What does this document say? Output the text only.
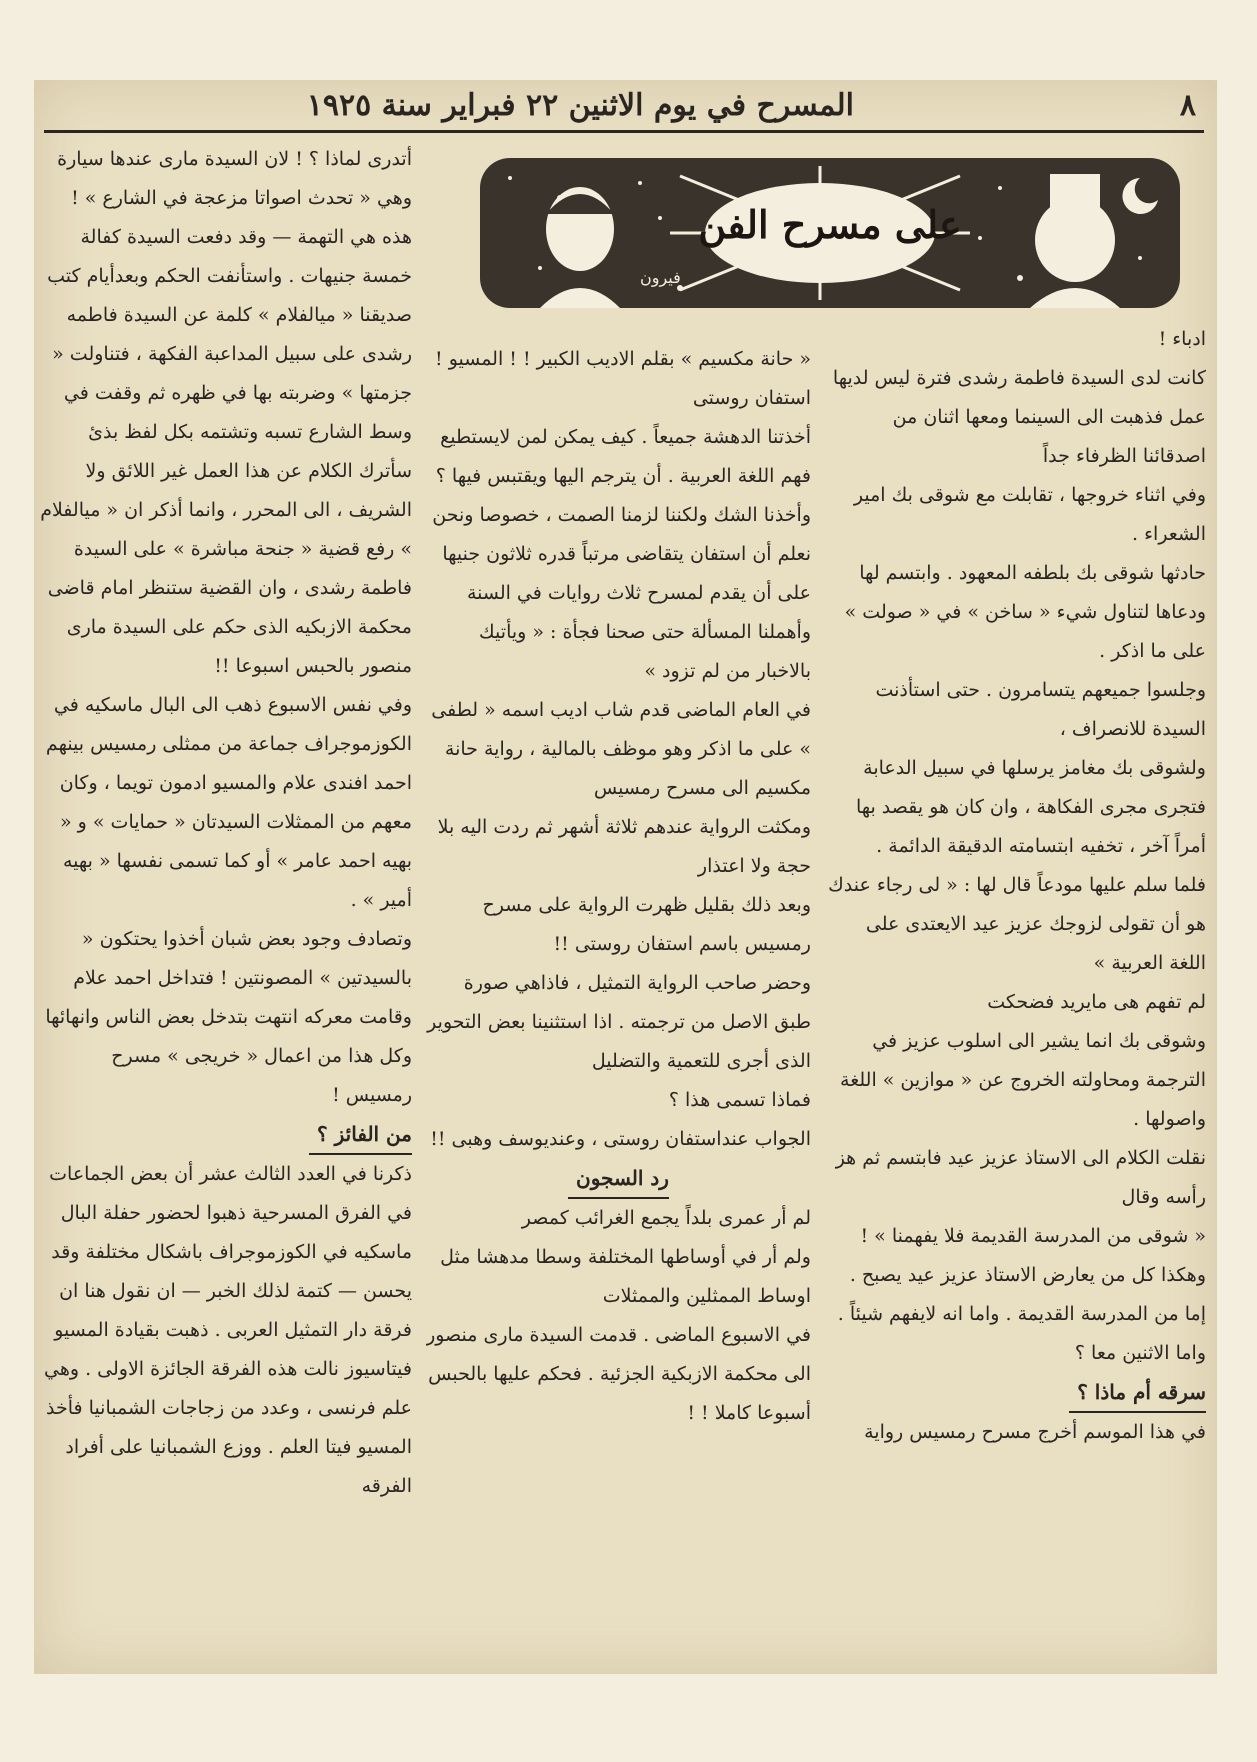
٨
المسرح في يوم الاثنين ٢٢ فبراير سنة ١٩٢٥
على مسرح الفن
فيرون

ادباء !

كانت لدى السيدة فاطمة رشدى فترة ليس لديها عمل فذهبت الى السينما ومعها اثنان من اصدقائنا الظرفاء جداً

وفي اثناء خروجها ، تقابلت مع شوقى بك امير الشعراء .

حادثها شوقى بك بلطفه المعهود . وابتسم لها ودعاها لتناول شيء « ساخن » في « صولت » على ما اذكر .

وجلسوا جميعهم يتسامرون . حتى استأذنت السيدة للانصراف ،

ولشوقى بك مغامز يرسلها في سبيل الدعابة فتجرى مجرى الفكاهة ، وان كان هو يقصد بها أمراً آخر ، تخفيه ابتسامته الدقيقة الدائمة .

فلما سلم عليها مودعاً قال لها : « لى رجاء عندك هو أن تقولى لزوجك عزيز عيد الايعتدى على اللغة العربية »

لم تفهم هى مايريد فضحكت

وشوقى بك انما يشير الى اسلوب عزيز في الترجمة ومحاولته الخروج عن « موازين » اللغة واصولها .

نقلت الكلام الى الاستاذ عزيز عيد فابتسم ثم هز رأسه وقال

« شوقى من المدرسة القديمة فلا يفهمنا » !

وهكذا كل من يعارض الاستاذ عزيز عيد يصبح . إما من المدرسة القديمة . واما انه لايفهم شيئاً . واما الاثنين معا ؟

سرقه أم ماذا ؟

في هذا الموسم أخرج مسرح رمسيس رواية

« حانة مكسيم » بقلم الاديب الكبير ! ! المسيو ! استفان روستى

أخذتنا الدهشة جميعاً . كيف يمكن لمن لايستطيع فهم اللغة العربية . أن يترجم اليها ويقتبس فيها ؟

وأخذنا الشك ولكننا لزمنا الصمت ، خصوصا ونحن نعلم أن استفان يتقاضى مرتباً قدره ثلاثون جنيها على أن يقدم لمسرح ثلاث روايات في السنة

وأهملنا المسألة حتى صحنا فجأة : « ويأتيك بالاخبار من لم تزود »

في العام الماضى قدم شاب اديب اسمه « لطفى » على ما اذكر وهو موظف بالمالية ، رواية حانة مكسيم الى مسرح رمسيس

ومكثت الرواية عندهم ثلاثة أشهر ثم ردت اليه بلا حجة ولا اعتذار

وبعد ذلك بقليل ظهرت الرواية على مسرح رمسيس باسم استفان روستى !!

وحضر صاحب الرواية التمثيل ، فاذاهي صورة طبق الاصل من ترجمته . اذا استثنينا بعض التحوير الذى أجرى للتعمية والتضليل

فماذا تسمى هذا ؟

الجواب عنداستفان روستى ، وعنديوسف وهبى !!

رد السجون

لم أر عمرى بلداً يجمع الغرائب كمصر

ولم أر في أوساطها المختلفة وسطا مدهشا مثل اوساط الممثلين والممثلات

في الاسبوع الماضى . قدمت السيدة مارى منصور الى محكمة الازبكية الجزئية . فحكم عليها بالحبس أسبوعا كاملا ! !

أتدرى لماذا ؟ ! لان السيدة مارى عندها سيارة وهي « تحدث اصواتا مزعجة في الشارع » !

هذه هي التهمة — وقد دفعت السيدة كفالة خمسة جنيهات . واستأنفت الحكم وبعدأيام كتب صديقنا « ميالفلام » كلمة عن السيدة فاطمه رشدى على سبيل المداعبة الفكهة ، فتناولت « جزمتها » وضربته بها في ظهره ثم وقفت في وسط الشارع تسبه وتشتمه بكل لفظ بذئ

سأترك الكلام عن هذا العمل غير اللائق ولا الشريف ، الى المحرر ، وانما أذكر ان « ميالفلام » رفع قضية « جنحة مباشرة » على السيدة فاطمة رشدى ، وان القضية ستنظر امام قاضى محكمة الازبكيه الذى حكم على السيدة مارى منصور بالحبس اسبوعا !!

وفي نفس الاسبوع ذهب الى البال ماسكيه في الكوزموجراف جماعة من ممثلى رمسيس بينهم احمد افندى علام والمسيو ادمون تويما ، وكان معهم من الممثلات السيدتان « حمايات » و « بهيه احمد عامر » أو كما تسمى نفسها « بهيه أمير » .

وتصادف وجود بعض شبان أخذوا يحتكون « بالسيدتين » المصونتين ! فتداخل احمد علام وقامت معركه انتهت بتدخل بعض الناس وانهائها

وكل هذا من اعمال « خريجى » مسرح رمسيس !

من الفائز ؟

ذكرنا في العدد الثالث عشر أن بعض الجماعات في الفرق المسرحية ذهبوا لحضور حفلة البال ماسكيه في الكوزموجراف باشكال مختلفة وقد يحسن — كتمة لذلك الخبر — ان نقول هنا ان فرقة دار التمثيل العربى . ذهبت بقيادة المسيو فيتاسيوز نالت هذه الفرقة الجائزة الاولى . وهي علم فرنسى ، وعدد من زجاجات الشمبانيا فأخذ المسيو فيتا العلم . ووزع الشمبانيا على أفراد الفرقه
